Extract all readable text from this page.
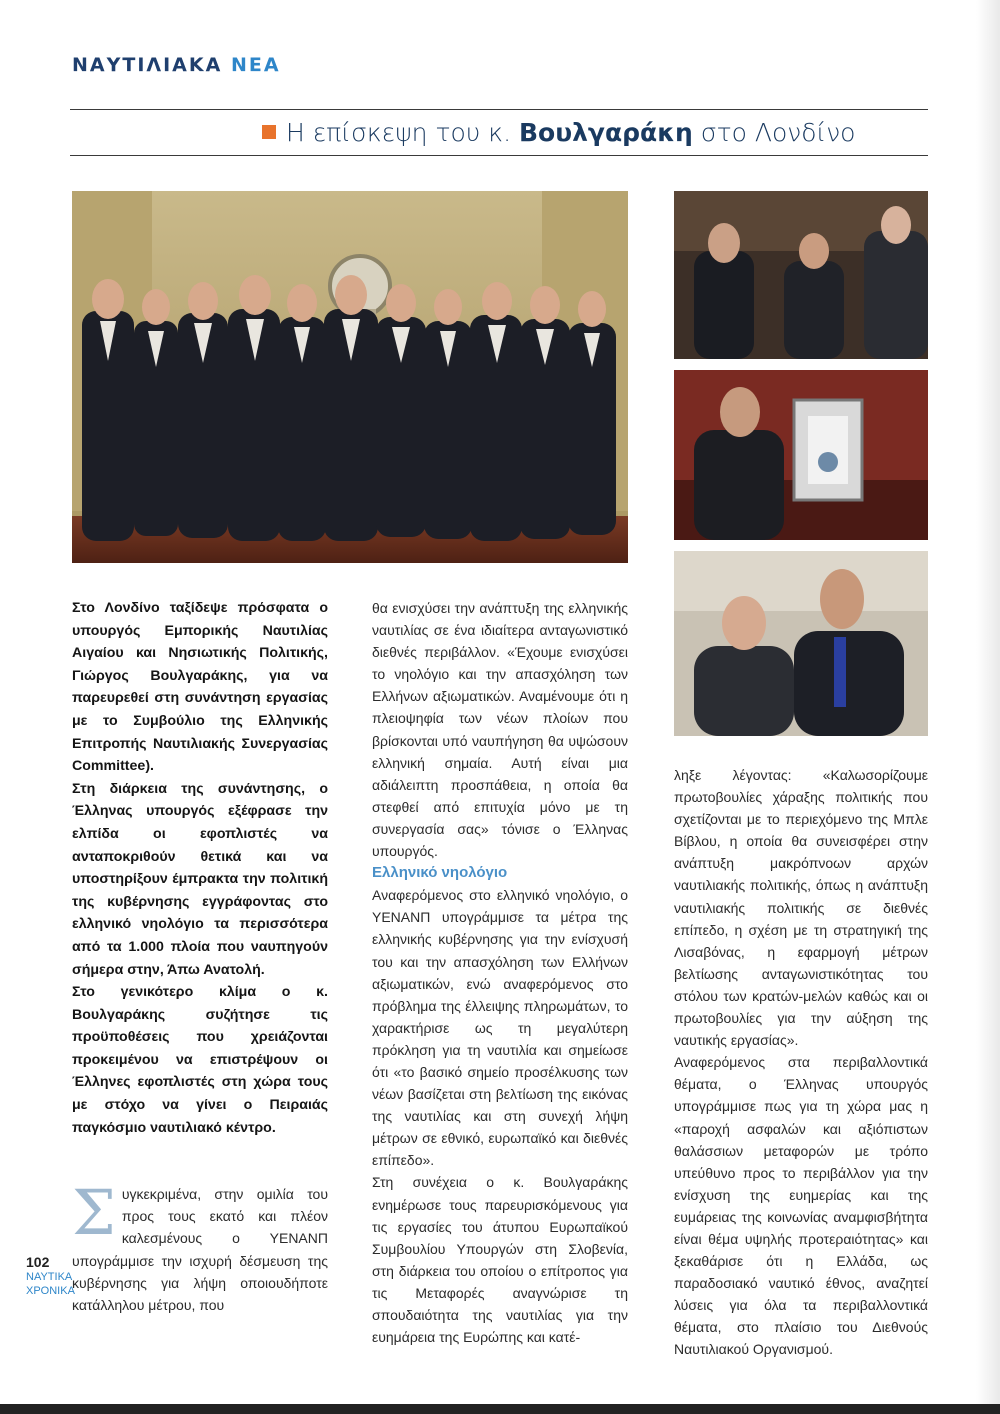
ΝΑΥΤΙΛΙΑΚΑ ΝΕΑ
Η επίσκεψη του κ. Βουλγαράκη στο Λονδίνο

Στο Λονδίνο ταξίδεψε πρόσφατα ο υπουργός Εμπορικής Ναυτιλίας Αιγαίου και Νησιωτικής Πολιτικής, Γιώργος Βουλγαράκης, για να παρευρεθεί στη συνάντηση εργασίας με το Συμβούλιο της Ελληνικής Επιτροπής Ναυτιλιακής Συνεργασίας Committee).

Στη διάρκεια της συνάντησης, ο Έλληνας υπουργός εξέφρασε την ελπίδα οι εφοπλιστές να ανταποκριθούν θετικά και να υποστηρίξουν έμπρακτα την πολιτική της κυβέρνησης εγγράφοντας στο ελληνικό νηολόγιο τα περισσότερα από τα 1.000 πλοία που ναυπηγούν σήμερα στην, Άπω Ανατολή.

Στο γενικότερο κλίμα ο κ. Βουλγαράκης συζήτησε τις προϋποθέσεις που χρειάζονται προκειμένου να επιστρέψουν οι Έλληνες εφοπλιστές στη χώρα τους με στόχο να γίνει ο Πειραιάς παγκόσμιο ναυτιλιακό κέντρο.

Σ υγκεκριμένα, στην ομιλία του προς τους εκατό και πλέον καλεσμένους ο ΥΕΝΑΝΠ υπογράμμισε την ισχυρή δέσμευση της κυβέρνησης για λήψη οποιουδήποτε κατάλληλου μέτρου, που

θα ενισχύσει την ανάπτυξη της ελληνικής ναυτιλίας σε ένα ιδιαίτερα ανταγωνιστικό διεθνές περιβάλλον. «Έχουμε ενισχύσει το νηολόγιο και την απασχόληση των Ελλήνων αξιωματικών. Αναμένουμε ότι η πλειοψηφία των νέων πλοίων που βρίσκονται υπό ναυπήγηση θα υψώσουν ελληνική σημαία. Αυτή είναι μια αδιάλειπτη προσπάθεια, η οποία θα στεφθεί από επιτυχία μόνο με τη συνεργασία σας» τόνισε ο Έλληνας υπουργός.

Ελληνικό νηολόγιο

Αναφερόμενος στο ελληνικό νηολόγιο, ο ΥΕΝΑΝΠ υπογράμμισε τα μέτρα της ελληνικής κυβέρνησης για την ενίσχυσή του και την απασχόληση των Ελλήνων αξιωματικών, ενώ αναφερόμενος στο πρόβλημα της έλλειψης πληρωμάτων, το χαρακτήρισε ως τη μεγαλύτερη πρόκληση για τη ναυτιλία και σημείωσε ότι «το βασικό σημείο προσέλκυσης των νέων βασίζεται στη βελτίωση της εικόνας της ναυτιλίας και στη συνεχή λήψη μέτρων σε εθνικό, ευρωπαϊκό και διεθνές επίπεδο».

Στη συνέχεια ο κ. Βουλγαράκης ενημέρωσε τους παρευρισκόμενους για τις εργασίες του άτυπου Ευρωπαϊκού Συμβουλίου Υπουργών στη Σλοβενία, στη διάρκεια του οποίου ο επίτροπος για τις Μεταφορές αναγνώρισε τη σπουδαιότητα της ναυτιλίας για την ευημάρεια της Ευρώπης και κατέ-

ληξε λέγοντας: «Καλωσορίζουμε πρωτοβουλίες χάραξης πολιτικής που σχετίζονται με το περιεχόμενο της Μπλε Βίβλου, η οποία θα συνεισφέρει στην ανάπτυξη μακρόπνοων αρχών ναυτιλιακής πολιτικής, όπως η ανάπτυξη ναυτιλιακής πολιτικής σε διεθνές επίπεδο, η σχέση με τη στρατηγική της Λισαβόνας, η εφαρμογή μέτρων βελτίωσης ανταγωνιστικότητας του στόλου των κρατών-μελών καθώς και οι πρωτοβουλίες για την αύξηση της ναυτικής εργασίας».

Αναφερόμενος στα περιβαλλοντικά θέματα, ο Έλληνας υπουργός υπογράμμισε πως για τη χώρα μας η «παροχή ασφαλών και αξιόπιστων θαλάσσιων μεταφορών με τρόπο υπεύθυνο προς το περιβάλλον για την ενίσχυση της ευημερίας και της ευμάρειας της κοινωνίας αναμφισβήτητα είναι θέμα υψηλής προτεραιότητας» και ξεκαθάρισε ότι η Ελλάδα, ως παραδοσιακό ναυτικό έθνος, αναζητεί λύσεις για όλα τα περιβαλλοντικά θέματα, στο πλαίσιο του Διεθνούς Ναυτιλιακού Οργανισμού.

102
ΝΑΥΤΙΚΑ
ΧΡΟΝΙΚΑ
